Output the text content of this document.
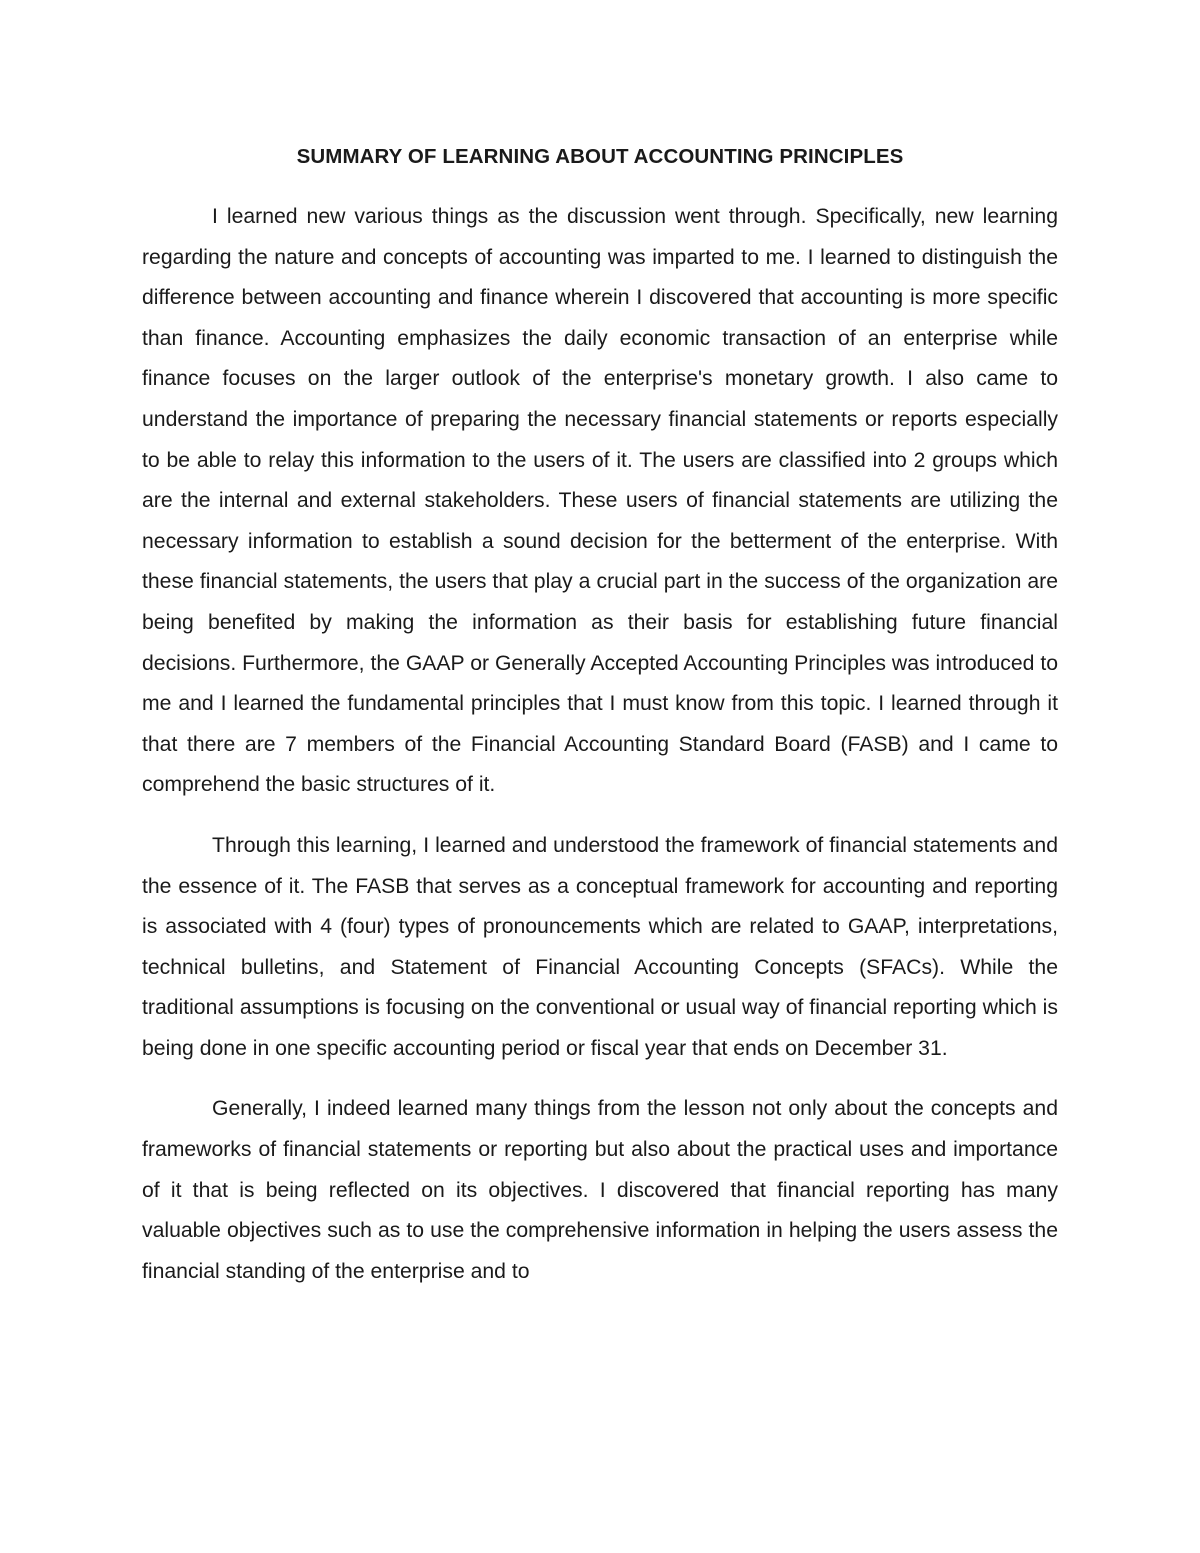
SUMMARY OF LEARNING ABOUT ACCOUNTING PRINCIPLES

I learned new various things as the discussion went through. Specifically, new learning regarding the nature and concepts of accounting was imparted to me. I learned to distinguish the difference between accounting and finance wherein I discovered that accounting is more specific than finance. Accounting emphasizes the daily economic transaction of an enterprise while finance focuses on the larger outlook of the enterprise's monetary growth. I also came to understand the importance of preparing the necessary financial statements or reports especially to be able to relay this information to the users of it. The users are classified into 2 groups which are the internal and external stakeholders. These users of financial statements are utilizing the necessary information to establish a sound decision for the betterment of the enterprise. With these financial statements, the users that play a crucial part in the success of the organization are being benefited by making the information as their basis for establishing future financial decisions. Furthermore, the GAAP or Generally Accepted Accounting Principles was introduced to me and I learned the fundamental principles that I must know from this topic. I learned through it that there are 7 members of the Financial Accounting Standard Board (FASB) and I came to comprehend the basic structures of it.

Through this learning, I learned and understood the framework of financial statements and the essence of it. The FASB that serves as a conceptual framework for accounting and reporting is associated with 4 (four) types of pronouncements which are related to GAAP, interpretations, technical bulletins, and Statement of Financial Accounting Concepts (SFACs). While the traditional assumptions is focusing on the conventional or usual way of financial reporting which is being done in one specific accounting period or fiscal year that ends on December 31.

Generally, I indeed learned many things from the lesson not only about the concepts and frameworks of financial statements or reporting but also about the practical uses and importance of it that is being reflected on its objectives. I discovered that financial reporting has many valuable objectives such as to use the comprehensive information in helping the users assess the financial standing of the enterprise and to
